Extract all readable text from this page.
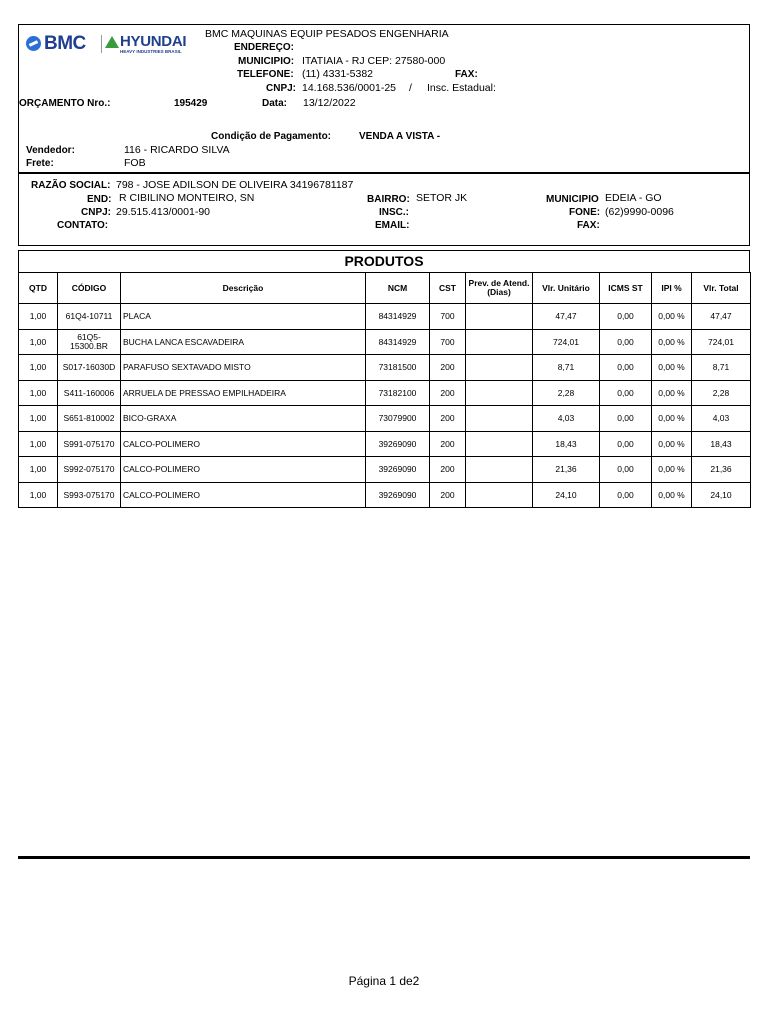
BMC HYUNDAI
HEAVY INDUSTRIES BRASIL
BMC MAQUINAS EQUIP PESADOS ENGENHARIA
ENDEREÇO:
MUNICIPIO: ITATIAIA - RJ CEP: 27580-000
TELEFONE: (11) 4331-5382	FAX:
CNPJ: 14.168.536/0001-25 / Insc. Estadual:
ORÇAMENTO Nro.:	195429	Data: 13/12/2022
Condição de Pagamento:	VENDA A VISTA -
Vendedor:	116 - RICARDO SILVA
Frete:	FOB
RAZÃO SOCIAL: 798 - JOSE ADILSON DE OLIVEIRA 34196781187
END: R CIBILINO MONTEIRO, SN	BAIRRO: SETOR JK	MUNICIPIO EDEIA - GO
CNPJ: 29.515.413/0001-90	INSC.:	FONE: (62)9990-0096
CONTATO:	EMAIL:	FAX:
PRODUTOS
QTD	CÓDIGO	Descrição	NCM	CST	Prev. de Atend. (Dias)	Vlr. Unitário	ICMS ST	IPI %	Vlr. Total
1,00	61Q4-10711	PLACA	84314929	700		47,47	0,00	0,00 %	47,47
1,00	61Q5-15300.BR	BUCHA LANCA ESCAVADEIRA	84314929	700		724,01	0,00	0,00 %	724,01
1,00	S017-16030D	PARAFUSO SEXTAVADO MISTO	73181500	200		8,71	0,00	0,00 %	8,71
1,00	S411-160006	ARRUELA DE PRESSAO EMPILHADEIRA	73182100	200		2,28	0,00	0,00 %	2,28
1,00	S651-810002	BICO-GRAXA	73079900	200		4,03	0,00	0,00 %	4,03
1,00	S991-075170	CALCO-POLIMERO	39269090	200		18,43	0,00	0,00 %	18,43
1,00	S992-075170	CALCO-POLIMERO	39269090	200		21,36	0,00	0,00 %	21,36
1,00	S993-075170	CALCO-POLIMERO	39269090	200		24,10	0,00	0,00 %	24,10
Página 1 de2
